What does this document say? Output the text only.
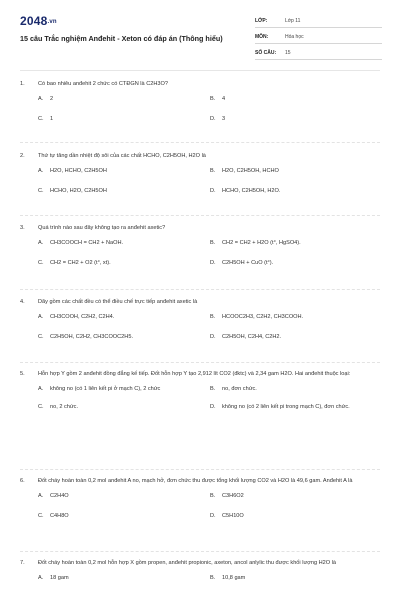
2048.vn
15 câu Trắc nghiệm Anđehit - Xeton có đáp án (Thông hiểu)
LỚP:	Lớp 11
MÔN:	Hóa học
SỐ CÂU:	15
1.	Có bao nhiêu anđehit 2 chức có CTĐGN là C2H3O?
A.	2	B.	4
C.	1	D.	3
2.	Thứ tự tăng dần nhiệt độ sôi của các chất HCHO, C2H5OH, H2O là
A.	H2O, HCHO, C2H5OH	B.	H2O, C2H5OH, HCHO
C.	HCHO, H2O, C2H5OH	D.	HCHO, C2H5OH, H2O.
3.	Quá trình nào sau đây không tạo ra anđehit axetic?
A.	CH3COOCH = CH2 + NaOH.	B.	CH2 = CH2 + H2O (t°, HgSO4).
C.	CH2 = CH2 + O2 (t°, xt).	D.	C2H5OH + CuO (t°).
4.	Dãy gồm các chất đều có thể điều chế trực tiếp anđehit axetic là
A.	CH3COOH, C2H2, C2H4.	B.	HCOOC2H3, C2H2, CH3COOH.
C.	C2H5OH, C2H2, CH3COOC2H5.	D.	C2H5OH, C2H4, C2H2.
5.	Hỗn hợp Y gồm 2 anđehit đồng đẳng kế tiếp. Đốt hỗn hợp Y tạo 2,912 lít CO2 (đktc) và 2,34 gam H2O. Hai anđehit thuộc loại:
A.	không no (có 1 liên kết pi ở mạch C), 2 chức	B.	no, đơn chức.
C.	no, 2 chức.	D.	không no (có 2 liên kết pi trong mạch C), đơn chức.
6.	Đốt cháy hoàn toàn 0,2 mol anđehit A no, mạch hở, đơn chức thu được tổng khối lượng CO2 và H2O là 49,6 gam. Anđehit A là
A.	C2H4O	B.	C3H6O2
C.	C4H8O	D.	C5H10O
7.	Đốt cháy hoàn toàn 0,2 mol hỗn hợp X gồm propen, anđehit propionic, axeton, ancol anlylic thu được khối lượng H2O là
A.	18 gam	B.	10,8 gam
